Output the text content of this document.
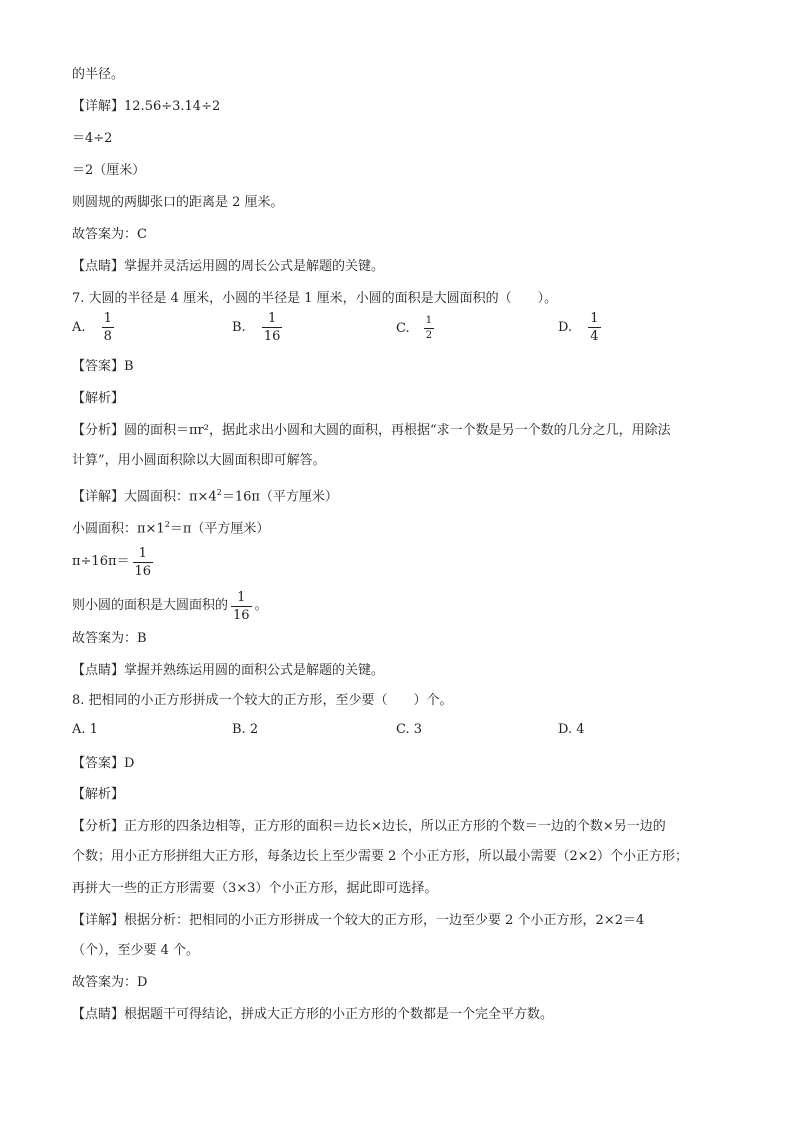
的半径。
【详解】12.56÷3.14÷2
＝4÷2
＝2（厘米）
则圆规的两脚张口的距离是 2 厘米。
故答案为：C
【点睛】掌握并灵活运用圆的周长公式是解题的关键。
7. 大圆的半径是 4 厘米，小圆的半径是 1 厘米，小圆的面积是大圆面积的（　　）。
A. $\frac{1}{8}$	B. $\frac{1}{16}$	C. $\frac{1}{2}$	D. $\frac{1}{4}$
【答案】B
【解析】
【分析】圆的面积＝πr²，据此求出小圆和大圆的面积，再根据“求一个数是另一个数的几分之几，用除法
计算”，用小圆面积除以大圆面积即可解答。
【详解】大圆面积：$\pi\times 4^2=16\pi$（平方厘米）
小圆面积：$\pi\times 1^2=\pi$（平方厘米）
$\pi\div 16\pi= \frac{1}{16}$
则小圆的面积是大圆面积的 $\frac{1}{16}$ 。
故答案为：B
【点睛】掌握并熟练运用圆的面积公式是解题的关键。
8. 把相同的小正方形拼成一个较大的正方形，至少要（　　）个。
A. 1	B. 2	C. 3	D. 4
【答案】D
【解析】
【分析】正方形的四条边相等，正方形的面积＝边长×边长，所以正方形的个数＝一边的个数×另一边的
个数；用小正方形拼组大正方形，每条边长上至少需要 2 个小正方形，所以最小需要（2×2）个小正方形；
再拼大一些的正方形需要（3×3）个小正方形，据此即可选择。
【详解】根据分析：把相同的小正方形拼成一个较大的正方形，一边至少要 2 个小正方形，2×2＝4
（个），至少要 4 个。
故答案为：D
【点睛】根据题干可得结论，拼成大正方形的小正方形的个数都是一个完全平方数。
